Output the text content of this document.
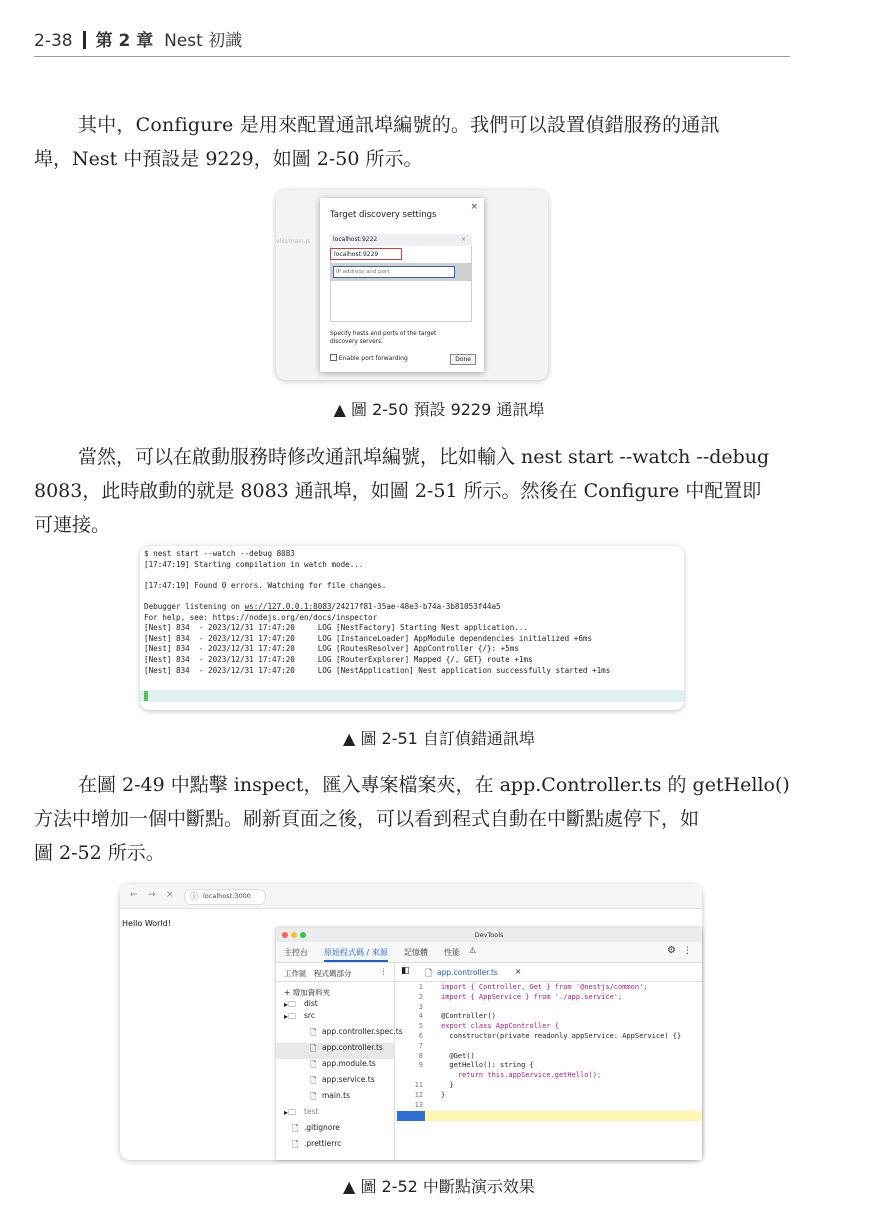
2-38 第 2 章 Nest 初識
其中，Configure 是用來配置通訊埠編號的。我們可以設置偵錯服務的通訊
埠，Nest 中預設是 9229，如圖 2-50 所示。
vlib/main.js
×
Target discovery settings
localhost:9222	×
localhost:9229
IP address and port
Specify hosts and ports of the target
discovery servers.
Enable port forwarding	Done
▲ 圖 2-50 預設 9229 通訊埠
當然，可以在啟動服務時修改通訊埠編號，比如輸入 nest start --watch --debug
8083，此時啟動的就是 8083 通訊埠，如圖 2-51 所示。然後在 Configure 中配置即
可連接。
$ nest start --watch --debug 8083
[17:47:19] Starting compilation in watch mode...
[17:47:19] Found 0 errors. Watching for file changes.
Debugger listening on ws://127.0.0.1:8083/24217f81-35ae-48e3-b74a-3b81053f44a5
For help, see: https://nodejs.org/en/docs/inspector
[Nest] 834  - 2023/12/31 17:47:20     LOG [NestFactory] Starting Nest application...
[Nest] 834  - 2023/12/31 17:47:20     LOG [InstanceLoader] AppModule dependencies initialized +6ms
[Nest] 834  - 2023/12/31 17:47:20     LOG [RoutesResolver] AppController {/}: +5ms
[Nest] 834  - 2023/12/31 17:47:20     LOG [RouterExplorer] Mapped {/, GET} route +1ms
[Nest] 834  - 2023/12/31 17:47:20     LOG [NestApplication] Nest application successfully started +1ms
▲ 圖 2-51 自訂偵錯通訊埠
在圖 2-49 中點擊 inspect，匯入專案檔案夾，在 app.Controller.ts 的 getHello()
方法中增加一個中斷點。刷新頁面之後，可以看到程式自動在中斷點處停下，如
圖 2-52 所示。
← → × ⓘ localhost:3000
Hello World!
DevTools
主控台 原始程式碼 / 來源 記憶體 性能 ⚠	⚙ ⋮
工作區 程式碼部分	⋮
+ 增加資料夾
▸🗀 dist
▸🗀 src
🗋 app.controller.spec.ts
🗋 app.controller.ts
🗋 app.module.ts
🗋 app.service.ts
🗋 main.ts
▸🗀 test
🗋 .gitignore
🗋 .prettierrc
◧ 🗋 app.controller.ts ×
1	import { Controller, Get } from '@nestjs/common';
2	import { AppService } from './app.service';
3
4	@Controller()
5	export class AppController {
6	constructor(private readonly appService: AppService) {}
7
8	@Get()
9	getHello(): string {
10	return this.appService.getHello();
11	}
12	}
13
▲ 圖 2-52 中斷點演示效果
